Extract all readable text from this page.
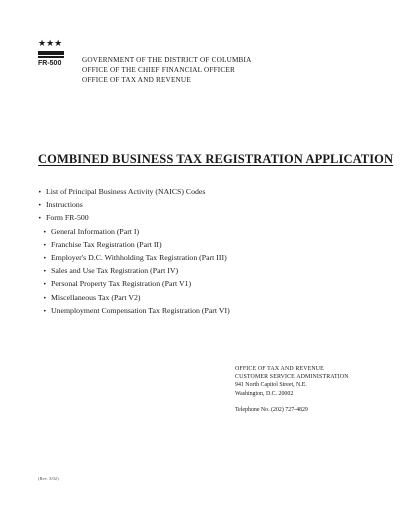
★★★
FR-500	GOVERNMENT OF THE DISTRICT OF COLUMBIA
OFFICE OF THE CHIEF FINANCIAL OFFICER
OFFICE OF TAX AND REVENUE
COMBINED BUSINESS TAX REGISTRATION APPLICATION
• List of Principal Business Activity (NAICS) Codes
• Instructions
• Form FR-500
• General Information (Part I)
• Franchise Tax Registration (Part II)
• Employer's D.C. Withholding Tax Registration (Part III)
• Sales and Use Tax Registration (Part IV)
• Personal Property Tax Registration (Part V1)
• Miscellaneous Tax (Part V2)
• Unemployment Compensation Tax Registration (Part VI)
OFFICE OF TAX AND REVENUE
CUSTOMER SERVICE ADMINISTRATION
941 North Capitol Street, N.E.
Washington, D.C. 20002
Telephone No. (202) 727-4829
(Rev. 3/02)
